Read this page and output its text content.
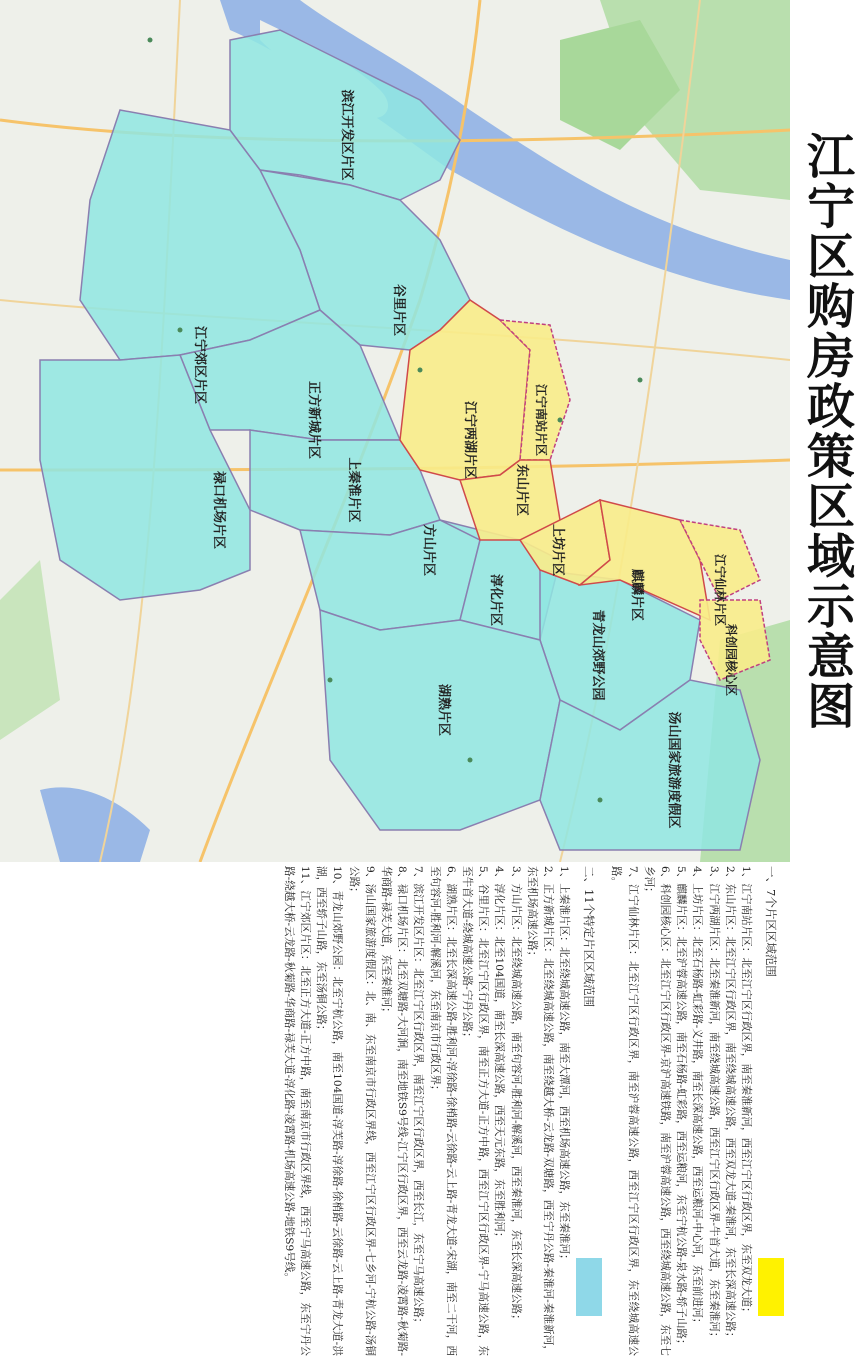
滨江开发区片区
谷里片区
江宁郊区片区
正方新城片区
上秦淮片区
禄口机场片区
方山片区
淳化片区
青龙山郊野公园
湖熟片区
汤山国家旅游度假区
江宁南站片区
江宁两湖片区
东山片区
上坊片区
麒麟片区	江宁仙林片区
科创园核心区 江宁区购房政策区域示意图
一、7个片区区域范围

1、江宁南站片区：北至江宁区行政区界，南至秦淮新河，西至江宁区行政区界，东至双龙大道；

2、东山片区：北至江宁区行政区界，南至绕城高速公路，西至双龙大道-秦淮河，东至长深高速公路；

3、江宁两湖片区：北至秦淮新河，南至绕城高速公路，西至江宁区行政区界-牛首大道，东至秦淮河；

4、上坊片区：北至石杨路-虹彩路-义井路，南至长深高速公路，西至运粮河-中心河，东至前进河；

5、麒麟片区：北至沪蓉高速公路，南至石杨路-虹彩路，西至运粮河，东至宁杭公路-泉水路-轿子山路；

6、科创园核心区：北至江宁区行政区界-京沪高速铁路，南至沪蓉高速公路，西至绕城高速公路，东至七乡河；

7、江宁仙林片区：北至江宁区行政区界，南至沪蓉高速公路，西至江宁区行政区界，东至绕城高速公路。

二、11个特定片区区域范围

1、上秦淮片区：北至绕城高速公路，南至大潭河，西至机场高速公路，东至秦淮河；

2、正方新城片区：北至绕城高速公路，南至绕越大桥-云龙路-双塘路，西至宁丹公路-秦淮河-秦淮新河，东至机场高速公路；

3、方山片区：北至绕城高速公路，南至句容河-胜利河-解溪河，西至秦淮河，东至长深高速公路；

4、淳化片区：北至104国道，南至长深高速公路，西至天元东路，东至胜利河；

5、谷里片区：北至江宁区行政区界，南至正方大道-正方中路，西至江宁区行政区界-宁马高速公路，东至牛首大道-绕城高速公路-宁丹公路；

6、湖熟片区：北至长深高速公路-胜利河-淳徐路-徐梢路-云徐路-云上路-青龙大道-宋湖，南至二干河，西至句容河-胜利河-解溪河，东至南京市行政区界；

7、滨江开发区片区：北至江宁区行政区界，南至江宁区行政区界，西至长江，东至宁马高速公路；

8、禄口机场片区：北至双塘路-大河涧，南至地铁S9号线-江宁区行政区界，西至云龙路-凌霄路-秋菊路-华商路-禄芙大道，东至秦淮河；

9、汤山国家旅游度假区：北、南、东至南京市行政区界线，西至江宁区行政区界-七乡河-宁杭公路-汤铜公路；

10、青龙山郊野公园：北至宁杭公路，南至104国道-淳芙路-淳徐路-徐梢路-云徐路-云上路-青龙大道-洪湖，西至轿子山路，东至汤铜公路；

11、江宁郊区片区：北至正方大道-正方中路，南至南京市行政区界线，西至宁马高速公路，东至宁丹公路-绕越大桥-云龙路-秋菊路-华商路-禄芙大道-淳化路-凌霄路-机场高速公路-地铁S9号线。
